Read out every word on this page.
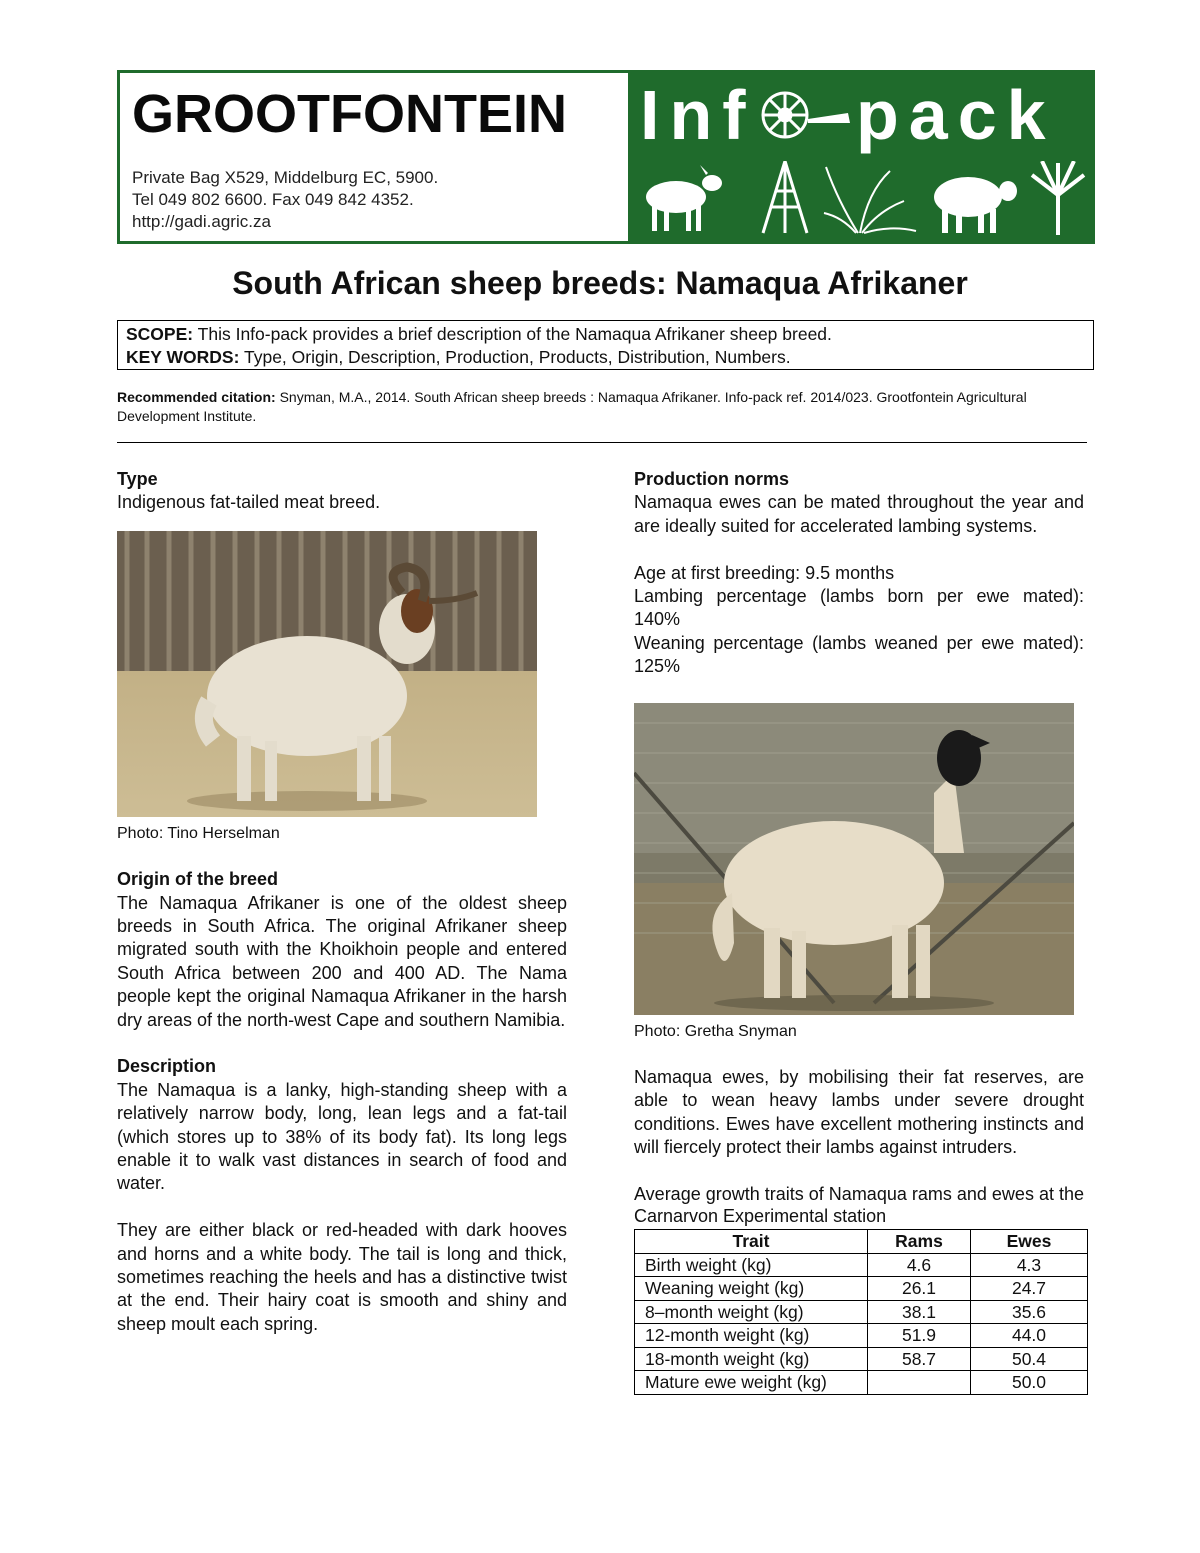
GROOTFONTEIN
Private Bag X529, Middelburg EC, 5900.
Tel 049 802 6600. Fax 049 842 4352.
http://gadi.agric.za
Inf pack
South African sheep breeds: Namaqua Afrikaner
SCOPE: This Info-pack provides a brief description of the Namaqua Afrikaner sheep breed.
KEY WORDS: Type, Origin, Description, Production, Products, Distribution, Numbers.
Recommended citation: Snyman, M.A., 2014. South African sheep breeds : Namaqua Afrikaner. Info-pack ref. 2014/023. Grootfontein Agricultural Development Institute.
Type

Indigenous fat-tailed meat breed.

Photo: Tino Herselman
Origin of the breed

The Namaqua Afrikaner is one of the oldest sheep breeds in South Africa. The original Afrikaner sheep migrated south with the Khoikhoin people and entered South Africa between 200 and 400 AD. The Nama people kept the original Namaqua Afrikaner in the harsh dry areas of the north-west Cape and southern Namibia.

Description

The Namaqua is a lanky, high-standing sheep with a relatively narrow body, long, lean legs and a fat-tail (which stores up to 38% of its body fat). Its long legs enable it to walk vast distances in search of food and water.

They are either black or red-headed with dark hooves and horns and a white body. The tail is long and thick, sometimes reaching the heels and has a distinctive twist at the end. Their hairy coat is smooth and shiny and sheep moult each spring.

Production norms

Namaqua ewes can be mated throughout the year and are ideally suited for accelerated lambing systems.

Age at first breeding: 9.5 months

Lambing percentage (lambs born per ewe mated): 140%

Weaning percentage (lambs weaned per ewe mated): 125%

Photo: Gretha Snyman

Namaqua ewes, by mobilising their fat reserves, are able to wean heavy lambs under severe drought conditions. Ewes have excellent mothering instincts and will fiercely protect their lambs against intruders.

Average growth traits of Namaqua rams and ewes at the Carnarvon Experimental station

Trait	Rams	Ewes
Birth weight (kg)	4.6	4.3
Weaning weight (kg)	26.1	24.7
8–month weight (kg)	38.1	35.6
12-month weight (kg)	51.9	44.0
18-month weight (kg)	58.7	50.4
Mature ewe weight (kg)		50.0
